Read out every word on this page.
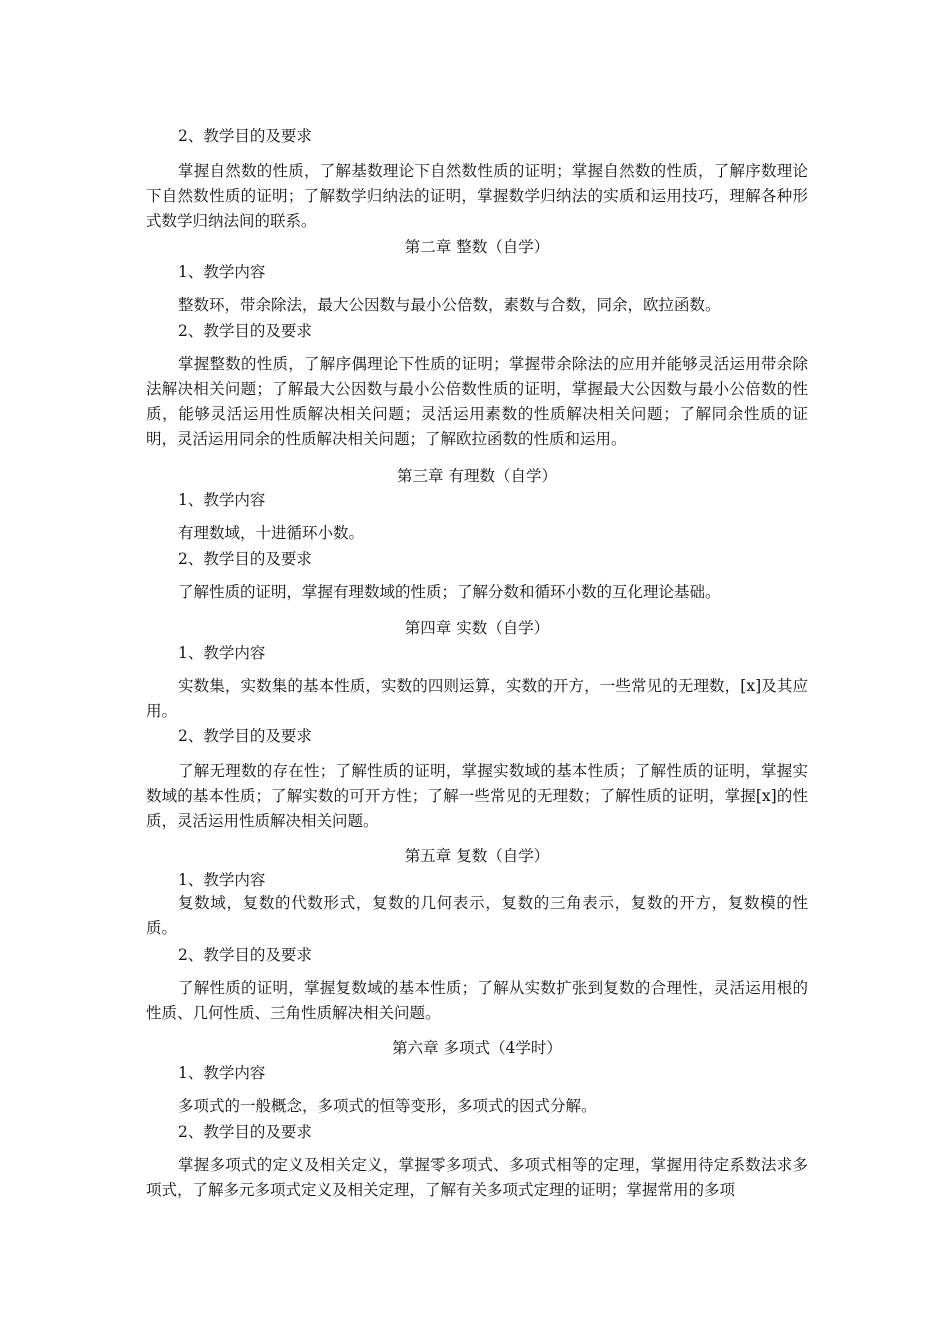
2、教学目的及要求
掌握自然数的性质，了解基数理论下自然数性质的证明；掌握自然数的性质，了解序数理论下自然数性质的证明；了解数学归纳法的证明，掌握数学归纳法的实质和运用技巧，理解各种形式数学归纳法间的联系。
第二章 整数（自学）
1、教学内容
整数环，带余除法，最大公因数与最小公倍数，素数与合数，同余，欧拉函数。
2、教学目的及要求
掌握整数的性质，了解序偶理论下性质的证明；掌握带余除法的应用并能够灵活运用带余除法解决相关问题；了解最大公因数与最小公倍数性质的证明，掌握最大公因数与最小公倍数的性质，能够灵活运用性质解决相关问题；灵活运用素数的性质解决相关问题；了解同余性质的证明，灵活运用同余的性质解决相关问题；了解欧拉函数的性质和运用。
第三章 有理数（自学）
1、教学内容
有理数域，十进循环小数。
2、教学目的及要求
了解性质的证明，掌握有理数域的性质；了解分数和循环小数的互化理论基础。
第四章 实数（自学）
1、教学内容
实数集，实数集的基本性质，实数的四则运算，实数的开方，一些常见的无理数，[x]及其应用。
2、教学目的及要求
了解无理数的存在性；了解性质的证明，掌握实数域的基本性质；了解性质的证明，掌握实数域的基本性质；了解实数的可开方性；了解一些常见的无理数；了解性质的证明，掌握[x]的性质，灵活运用性质解决相关问题。
第五章 复数（自学）
1、教学内容
复数域，复数的代数形式，复数的几何表示，复数的三角表示，复数的开方，复数模的性质。
2、教学目的及要求
了解性质的证明，掌握复数域的基本性质；了解从实数扩张到复数的合理性，灵活运用根的性质、几何性质、三角性质解决相关问题。
第六章 多项式（4学时）
1、教学内容
多项式的一般概念，多项式的恒等变形，多项式的因式分解。
2、教学目的及要求
掌握多项式的定义及相关定义，掌握零多项式、多项式相等的定理，掌握用待定系数法求多项式，了解多元多项式定义及相关定理，了解有关多项式定理的证明；掌握常用的多项
